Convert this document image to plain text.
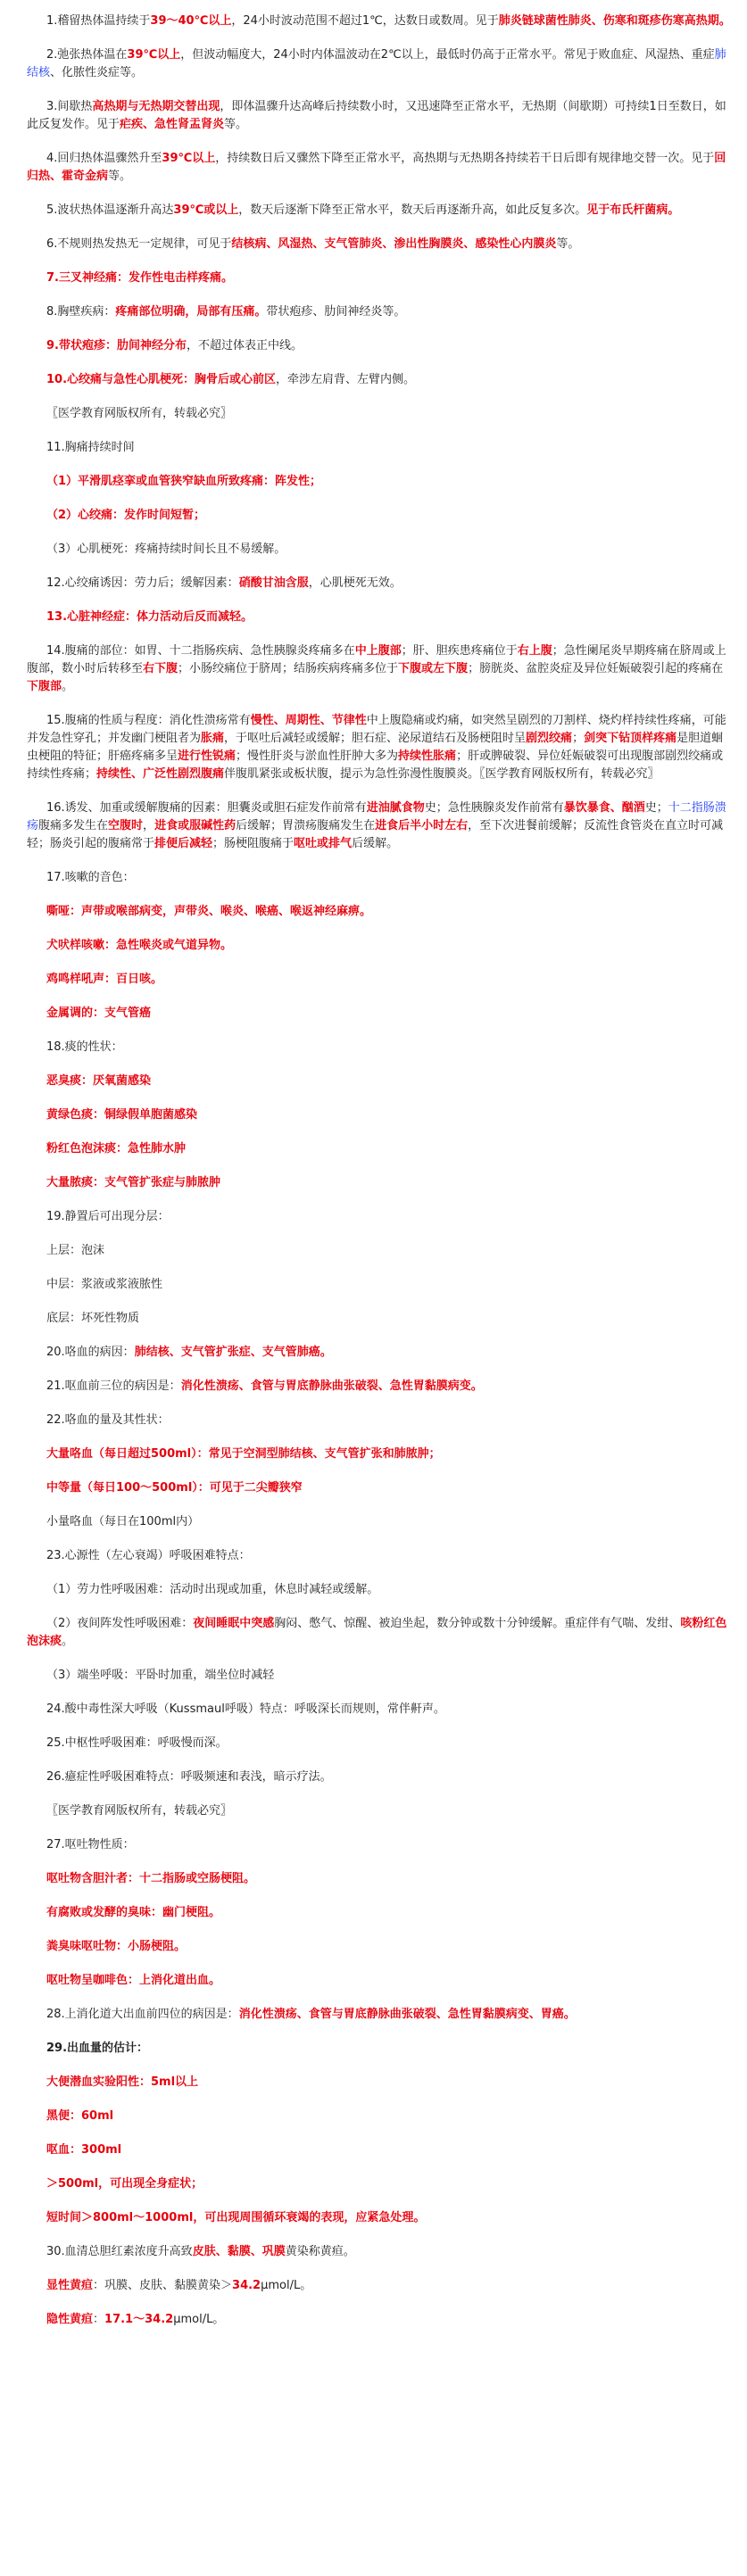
1.稽留热体温持续于39～40℃以上，24小时波动范围不超过1℃，达数日或数周。见于肺炎链球菌性肺炎、伤寒和斑疹伤寒高热期。

2.弛张热体温在39℃以上，但波动幅度大，24小时内体温波动在2℃以上，最低时仍高于正常水平。常见于败血症、风湿热、重症肺结核、化脓性炎症等。

3.间歇热高热期与无热期交替出现，即体温骤升达高峰后持续数小时，又迅速降至正常水平，无热期（间歇期）可持续1日至数日，如此反复发作。见于疟疾、急性肾盂肾炎等。

4.回归热体温骤然升至39℃以上，持续数日后又骤然下降至正常水平，高热期与无热期各持续若干日后即有规律地交替一次。见于回归热、霍奇金病等。

5.波状热体温逐渐升高达39℃或以上，数天后逐渐下降至正常水平，数天后再逐渐升高，如此反复多次。见于布氏杆菌病。

6.不规则热发热无一定规律，可见于结核病、风湿热、支气管肺炎、渗出性胸膜炎、感染性心内膜炎等。

7.三叉神经痛：发作性电击样疼痛。

8.胸壁疾病：疼痛部位明确，局部有压痛。带状疱疹、肋间神经炎等。

9.带状疱疹：肋间神经分布，不超过体表正中线。

10.心绞痛与急性心肌梗死：胸骨后或心前区，牵涉左肩背、左臂内侧。

〖医学教育网版权所有，转载必究〗

11.胸痛持续时间

（1）平滑肌痉挛或血管狭窄缺血所致疼痛：阵发性；

（2）心绞痛：发作时间短暂；

（3）心肌梗死：疼痛持续时间长且不易缓解。

12.心绞痛诱因：劳力后；缓解因素：硝酸甘油含服，心肌梗死无效。

13.心脏神经症：体力活动后反而减轻。

14.腹痛的部位：如胃、十二指肠疾病、急性胰腺炎疼痛多在中上腹部；肝、胆疾患疼痛位于右上腹；急性阑尾炎早期疼痛在脐周或上腹部，数小时后转移至右下腹；小肠绞痛位于脐周；结肠疾病疼痛多位于下腹或左下腹；膀胱炎、盆腔炎症及异位妊娠破裂引起的疼痛在下腹部。

15.腹痛的性质与程度：消化性溃疡常有慢性、周期性、节律性中上腹隐痛或灼痛，如突然呈剧烈的刀割样、烧灼样持续性疼痛，可能并发急性穿孔；并发幽门梗阻者为胀痛，于呕吐后减轻或缓解；胆石症、泌尿道结石及肠梗阻时呈剧烈绞痛；剑突下钻顶样疼痛是胆道蛔虫梗阻的特征；肝癌疼痛多呈进行性锐痛；慢性肝炎与淤血性肝肿大多为持续性胀痛；肝或脾破裂、异位妊娠破裂可出现腹部剧烈绞痛或持续性疼痛；持续性、广泛性剧烈腹痛伴腹肌紧张或板状腹，提示为急性弥漫性腹膜炎。〖医学教育网版权所有，转载必究〗

16.诱发、加重或缓解腹痛的因素：胆囊炎或胆石症发作前常有进油腻食物史；急性胰腺炎发作前常有暴饮暴食、酗酒史；十二指肠溃疡腹痛多发生在空腹时，进食或服碱性药后缓解；胃溃疡腹痛发生在进食后半小时左右，至下次进餐前缓解；反流性食管炎在直立时可减轻；肠炎引起的腹痛常于排便后减轻；肠梗阻腹痛于呕吐或排气后缓解。

17.咳嗽的音色：

嘶哑：声带或喉部病变，声带炎、喉炎、喉癌、喉返神经麻痹。

犬吠样咳嗽：急性喉炎或气道异物。

鸡鸣样吼声：百日咳。

金属调的：支气管癌

18.痰的性状：

恶臭痰：厌氧菌感染

黄绿色痰：铜绿假单胞菌感染

粉红色泡沫痰：急性肺水肿

大量脓痰：支气管扩张症与肺脓肿

19.静置后可出现分层：

上层：泡沫

中层：浆液或浆液脓性

底层：坏死性物质

20.咯血的病因：肺结核、支气管扩张症、支气管肺癌。

21.呕血前三位的病因是：消化性溃疡、食管与胃底静脉曲张破裂、急性胃黏膜病变。

22.咯血的量及其性状：

大量咯血（每日超过500ml）：常见于空洞型肺结核、支气管扩张和肺脓肿；

中等量（每日100～500ml）：可见于二尖瓣狭窄

小量咯血（每日在100ml内）

23.心源性（左心衰竭）呼吸困难特点：

（1）劳力性呼吸困难：活动时出现或加重，休息时减轻或缓解。

（2）夜间阵发性呼吸困难：夜间睡眠中突感胸闷、憋气、惊醒、被迫坐起，数分钟或数十分钟缓解。重症伴有气喘、发绀、咳粉红色泡沫痰。

（3）端坐呼吸：平卧时加重，端坐位时减轻

24.酸中毒性深大呼吸（Kussmaul呼吸）特点：呼吸深长而规则，常伴鼾声。

25.中枢性呼吸困难：呼吸慢而深。

26.癔症性呼吸困难特点：呼吸频速和表浅，暗示疗法。

〖医学教育网版权所有，转载必究〗

27.呕吐物性质：

呕吐物含胆汁者：十二指肠或空肠梗阻。

有腐败或发酵的臭味：幽门梗阻。

粪臭味呕吐物：小肠梗阻。

呕吐物呈咖啡色：上消化道出血。

28.上消化道大出血前四位的病因是：消化性溃疡、食管与胃底静脉曲张破裂、急性胃黏膜病变、胃癌。

29.出血量的估计：

大便潜血实验阳性：5ml以上

黑便：60ml

呕血：300ml

＞500ml，可出现全身症状；

短时间＞800ml～1000ml，可出现周围循环衰竭的表现，应紧急处理。

30.血清总胆红素浓度升高致皮肤、黏膜、巩膜黄染称黄疸。

显性黄疸：巩膜、皮肤、黏膜黄染＞34.2μmol/L。

隐性黄疸：17.1～34.2μmol/L。
